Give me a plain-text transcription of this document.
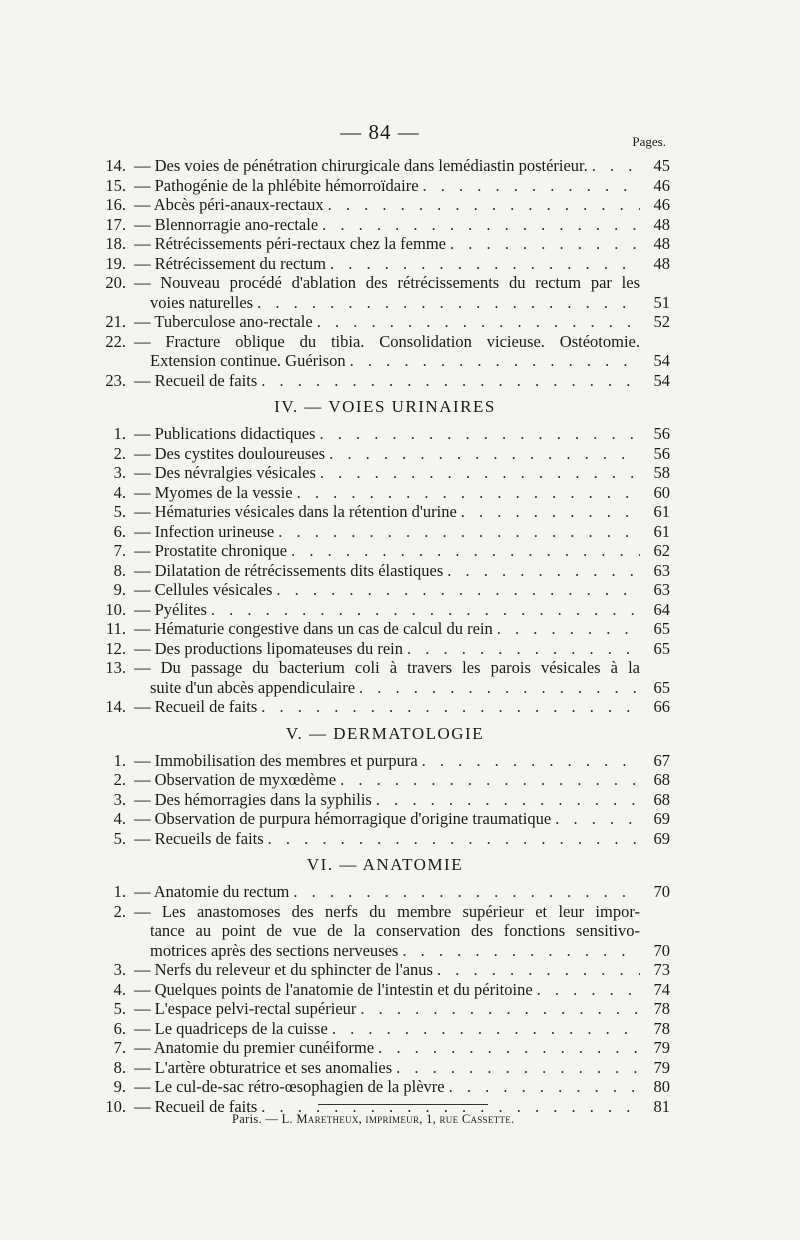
— 84 —	Pages.
14. — Des voies de pénétration chirurgicale dans lemédiastin postérieur. . . .	45
15. — Pathogénie de la phlébite hémorroïdaire . . .	46
16. — Abcès péri-anaux-rectaux . . .	46
17. — Blennorragie ano-rectale . . .	48
18. — Rétrécissements péri-rectaux chez la femme . . .	48
19. — Rétrécissement du rectum . . .	48
20. — Nouveau procédé d'ablation des rétrécissements du rectum par les
voies naturelles . . .	51
21. — Tuberculose ano-rectale . . .	52
22. — Fracture oblique du tibia. Consolidation vicieuse. Ostéotomie.
Extension continue. Guérison . . .	54
23. — Recueil de faits . . .	54
IV. — VOIES URINAIRES
1. — Publications didactiques . . .	56
2. — Des cystites douloureuses . . .	56
3. — Des névralgies vésicales . . .	58
4. — Myomes de la vessie . . .	60
5. — Hématuries vésicales dans la rétention d'urine . . .	61
6. — Infection urineuse . . .	61
7. — Prostatite chronique . . .	62
8. — Dilatation de rétrécissements dits élastiques . . .	63
9. — Cellules vésicales . . .	63
10. — Pyélites . . .	64
11. — Hématurie congestive dans un cas de calcul du rein . . .	65
12. — Des productions lipomateuses du rein . . .	65
13. — Du passage du bacterium coli à travers les parois vésicales à la
suite d'un abcès appendiculaire . . .	65
14. — Recueil de faits . . .	66
V. — DERMATOLOGIE
1. — Immobilisation des membres et purpura . . .	67
2. — Observation de myxœdème . . .	68
3. — Des hémorragies dans la syphilis . . .	68
4. — Observation de purpura hémorragique d'origine traumatique . . .	69
5. — Recueils de faits . . .	69
VI. — ANATOMIE
1. — Anatomie du rectum . . .	70
2. — Les anastomoses des nerfs du membre supérieur et leur impor-
tance au point de vue de la conservation des fonctions sensitivo-
motrices après des sections nerveuses . . .	70
3. — Nerfs du releveur et du sphincter de l'anus . . .	73
4. — Quelques points de l'anatomie de l'intestin et du péritoine . . .	74
5. — L'espace pelvi-rectal supérieur . . .	78
6. — Le quadriceps de la cuisse . . .	78
7. — Anatomie du premier cunéiforme . . .	79
8. — L'artère obturatrice et ses anomalies . . .	79
9. — Le cul-de-sac rétro-œsophagien de la plèvre . . .	80
10. — Recueil de faits . . .	81
Paris. — L. Maretheux, imprimeur, 1, rue Cassette.
